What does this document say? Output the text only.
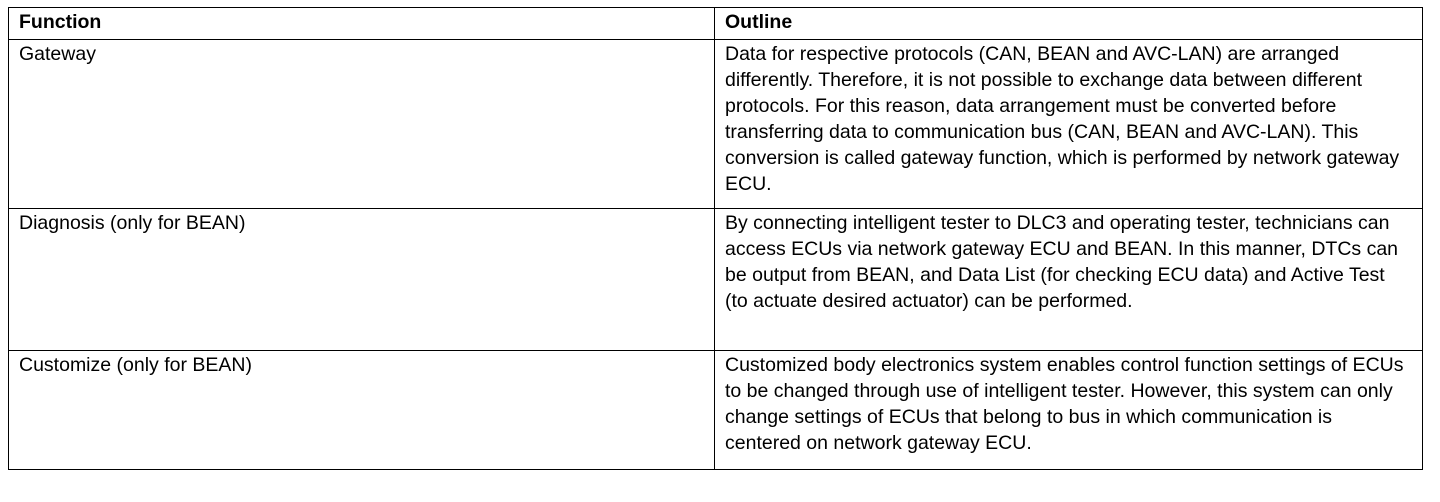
Function	Outline

Gateway	Data for respective protocols (CAN, BEAN and AVC-LAN) are arranged differently. Therefore, it is not possible to exchange data between different protocols. For this reason, data arrangement must be converted before transferring data to communication bus (CAN, BEAN and AVC-LAN). This conversion is called gateway function, which is performed by network gateway ECU.

Diagnosis (only for BEAN)	By connecting intelligent tester to DLC3 and operating tester, technicians can access ECUs via network gateway ECU and BEAN. In this manner, DTCs can be output from BEAN, and Data List (for checking ECU data) and Active Test (to actuate desired actuator) can be performed.

Customize (only for BEAN)	Customized body electronics system enables control function settings of ECUs to be changed through use of intelligent tester. However, this system can only change settings of ECUs that belong to bus in which communication is centered on network gateway ECU.
